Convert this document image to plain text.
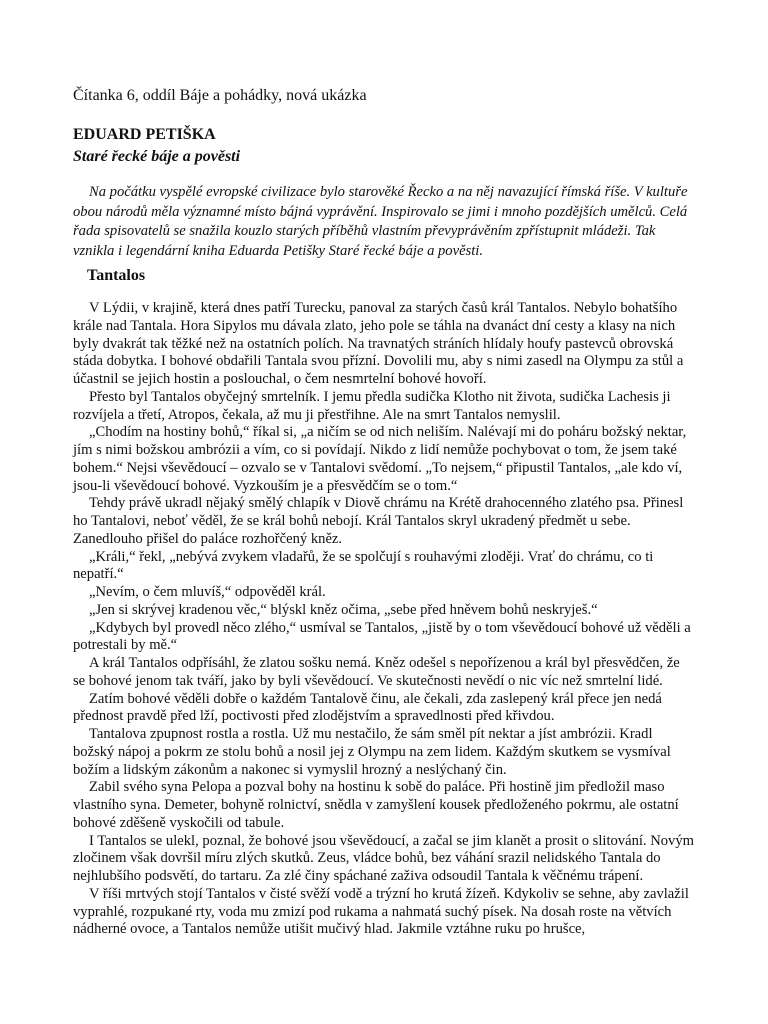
Čítanka 6, oddíl Báje a pohádky, nová ukázka

EDUARD PETIŠKA

Staré řecké báje a pověsti

Na počátku vyspělé evropské civilizace bylo starověké Řecko a na něj navazující římská říše. V kultuře obou národů měla významné místo bájná vyprávění. Inspirovalo se jimi i mnoho pozdějších umělců. Celá řada spisovatelů se snažila kouzlo starých příběhů vlastním převyprávěním zpřístupnit mládeži. Tak vznikla i legendární kniha Eduarda Petišky Staré řecké báje a pověsti.

Tantalos

V Lýdii, v krajině, která dnes patří Turecku, panoval za starých časů král Tantalos. Nebylo bohatšího krále nad Tantala. Hora Sipylos mu dávala zlato, jeho pole se táhla na dvanáct dní cesty a klasy na nich byly dvakrát tak těžké než na ostatních polích. Na travnatých stráních hlídaly houfy pastevců obrovská stáda dobytka. I bohové obdařili Tantala svou přízní. Dovolili mu, aby s nimi zasedl na Olympu za stůl a účastnil se jejich hostin a poslouchal, o čem nesmrtelní bohové hovoří.

Přesto byl Tantalos obyčejný smrtelník. I jemu předla sudička Klotho nit života, sudička Lachesis ji rozvíjela a třetí, Atropos, čekala, až mu ji přestřihne. Ale na smrt Tantalos nemyslil.

„Chodím na hostiny bohů,“ říkal si, „a ničím se od nich neliším. Nalévají mi do poháru božský nektar, jím s nimi božskou ambrózii a vím, co si povídají. Nikdo z lidí nemůže pochybovat o tom, že jsem také bohem.“ Nejsi vševědoucí – ozvalo se v Tantalovi svědomí. „To nejsem,“ připustil Tantalos, „ale kdo ví, jsou-li vševědoucí bohové. Vyzkouším je a přesvědčím se o tom.“

Tehdy právě ukradl nějaký smělý chlapík v Diově chrámu na Krétě drahocenného zlatého psa. Přinesl ho Tantalovi, neboť věděl, že se král bohů nebojí. Král Tantalos skryl ukradený předmět u sebe. Zanedlouho přišel do paláce rozhořčený kněz.

„Králi,“ řekl, „nebývá zvykem vladařů, že se spolčují s rouhavými zloději. Vrať do chrámu, co ti nepatří.“

„Nevím, o čem mluvíš,“ odpověděl král.

„Jen si skrývej kradenou věc,“ blýskl kněz očima, „sebe před hněvem bohů neskryješ.“

„Kdybych byl provedl něco zlého,“ usmíval se Tantalos, „jistě by o tom vševědoucí bohové už věděli a potrestali by mě.“

A král Tantalos odpřísáhl, že zlatou sošku nemá. Kněz odešel s nepořízenou a král byl přesvědčen, že se bohové jenom tak tváří, jako by byli vševědoucí. Ve skutečnosti nevědí o nic víc než smrtelní lidé.

Zatím bohové věděli dobře o každém Tantalově činu, ale čekali, zda zaslepený král přece jen nedá přednost pravdě před lží, poctivosti před zlodějstvím a spravedlnosti před křivdou.

Tantalova zpupnost rostla a rostla. Už mu nestačilo, že sám směl pít nektar a jíst ambrózii. Kradl božský nápoj a pokrm ze stolu bohů a nosil jej z Olympu na zem lidem. Každým skutkem se vysmíval božím a lidským zákonům a nakonec si vymyslil hrozný a neslýchaný čin.

Zabil svého syna Pelopa a pozval bohy na hostinu k sobě do paláce. Při hostině jim předložil maso vlastního syna. Demeter, bohyně rolnictví, snědla v zamyšlení kousek předloženého pokrmu, ale ostatní bohové zděšeně vyskočili od tabule.

I Tantalos se ulekl, poznal, že bohové jsou vševědoucí, a začal se jim klanět a prosit o slitování. Novým zločinem však dovršil míru zlých skutků. Zeus, vládce bohů, bez váhání srazil nelidského Tantala do nejhlubšího podsvětí, do tartaru. Za zlé činy spáchané zaživa odsoudil Tantala k věčnému trápení.

V říši mrtvých stojí Tantalos v čisté svěží vodě a trýzní ho krutá žízeň. Kdykoliv se sehne, aby zavlažil vyprahlé, rozpukané rty, voda mu zmizí pod rukama a nahmatá suchý písek. Na dosah roste na větvích nádherné ovoce, a Tantalos nemůže utišit mučivý hlad. Jakmile vztáhne ruku po hrušce,
